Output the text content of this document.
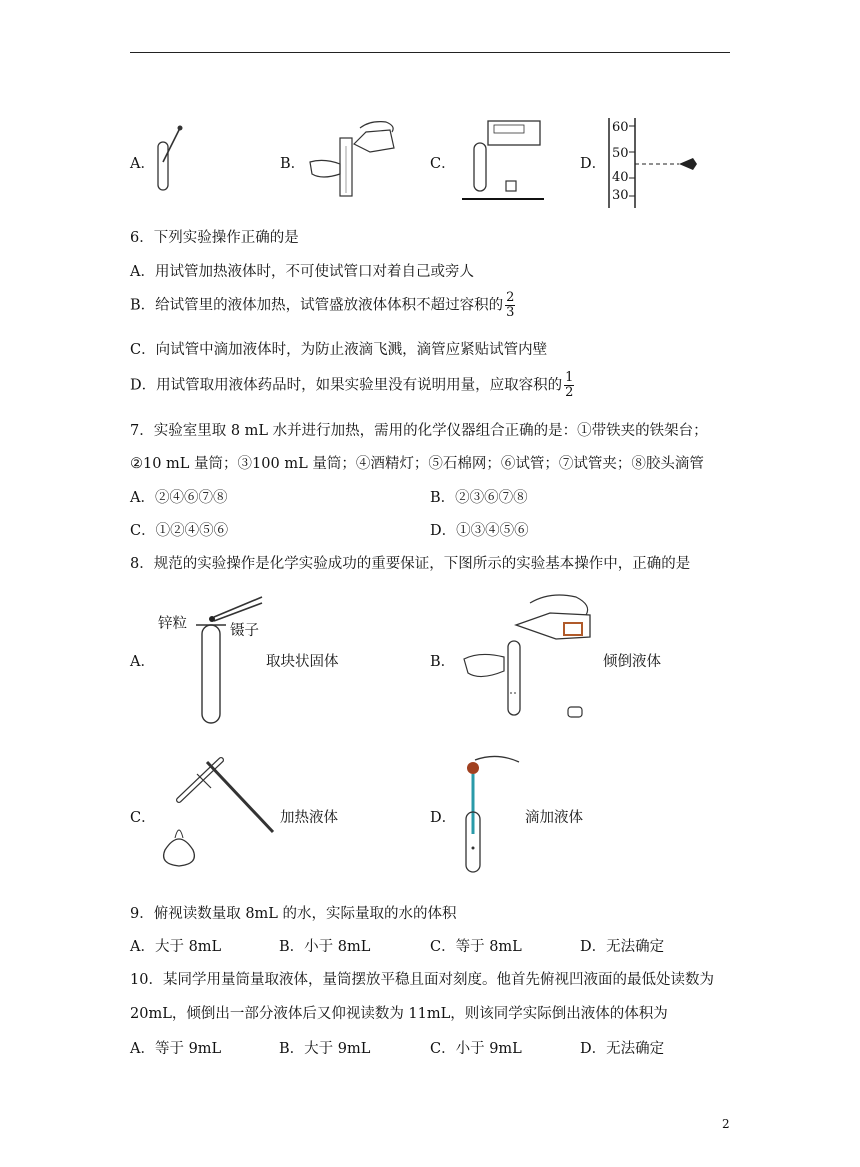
A．	B．	C．	D．
60
50
40
30
6．下列实验操作正确的是
A．用试管加热液体时，不可使试管口对着自己或旁人
B．给试管里的液体加热，试管盛放液体体积不超过容积的 $\frac{2}{3}$
C．向试管中滴加液体时，为防止液滴飞溅，滴管应紧贴试管内壁
D．用试管取用液体药品时，如果实验里没有说明用量，应取容积的 $\frac{1}{2}$
7．实验室里取 8 mL 水并进行加热，需用的化学仪器组合正确的是：①带铁夹的铁架台；
②10 mL 量筒；③100 mL 量筒；④酒精灯；⑤石棉网；⑥试管；⑦试管夹；⑧胶头滴管
A．②④⑥⑦⑧	B．②③⑥⑦⑧
C．①②④⑤⑥	D．①③④⑤⑥
8．规范的实验操作是化学实验成功的重要保证，下图所示的实验基本操作中，正确的是
A．
锌粒	镊子
取块状固体	B．	倾倒液体
C．	加热液体	D．	滴加液体
9．俯视读数量取 8mL 的水，实际量取的水的体积
A．大于 8mL	B．小于 8mL	C．等于 8mL	D．无法确定
10．某同学用量筒量取液体，量筒摆放平稳且面对刻度。他首先俯视凹液面的最低处读数为
20mL，倾倒出一部分液体后又仰视读数为 11mL，则该同学实际倒出液体的体积为
A．等于 9mL	B．大于 9mL	C．小于 9mL	D．无法确定
2
